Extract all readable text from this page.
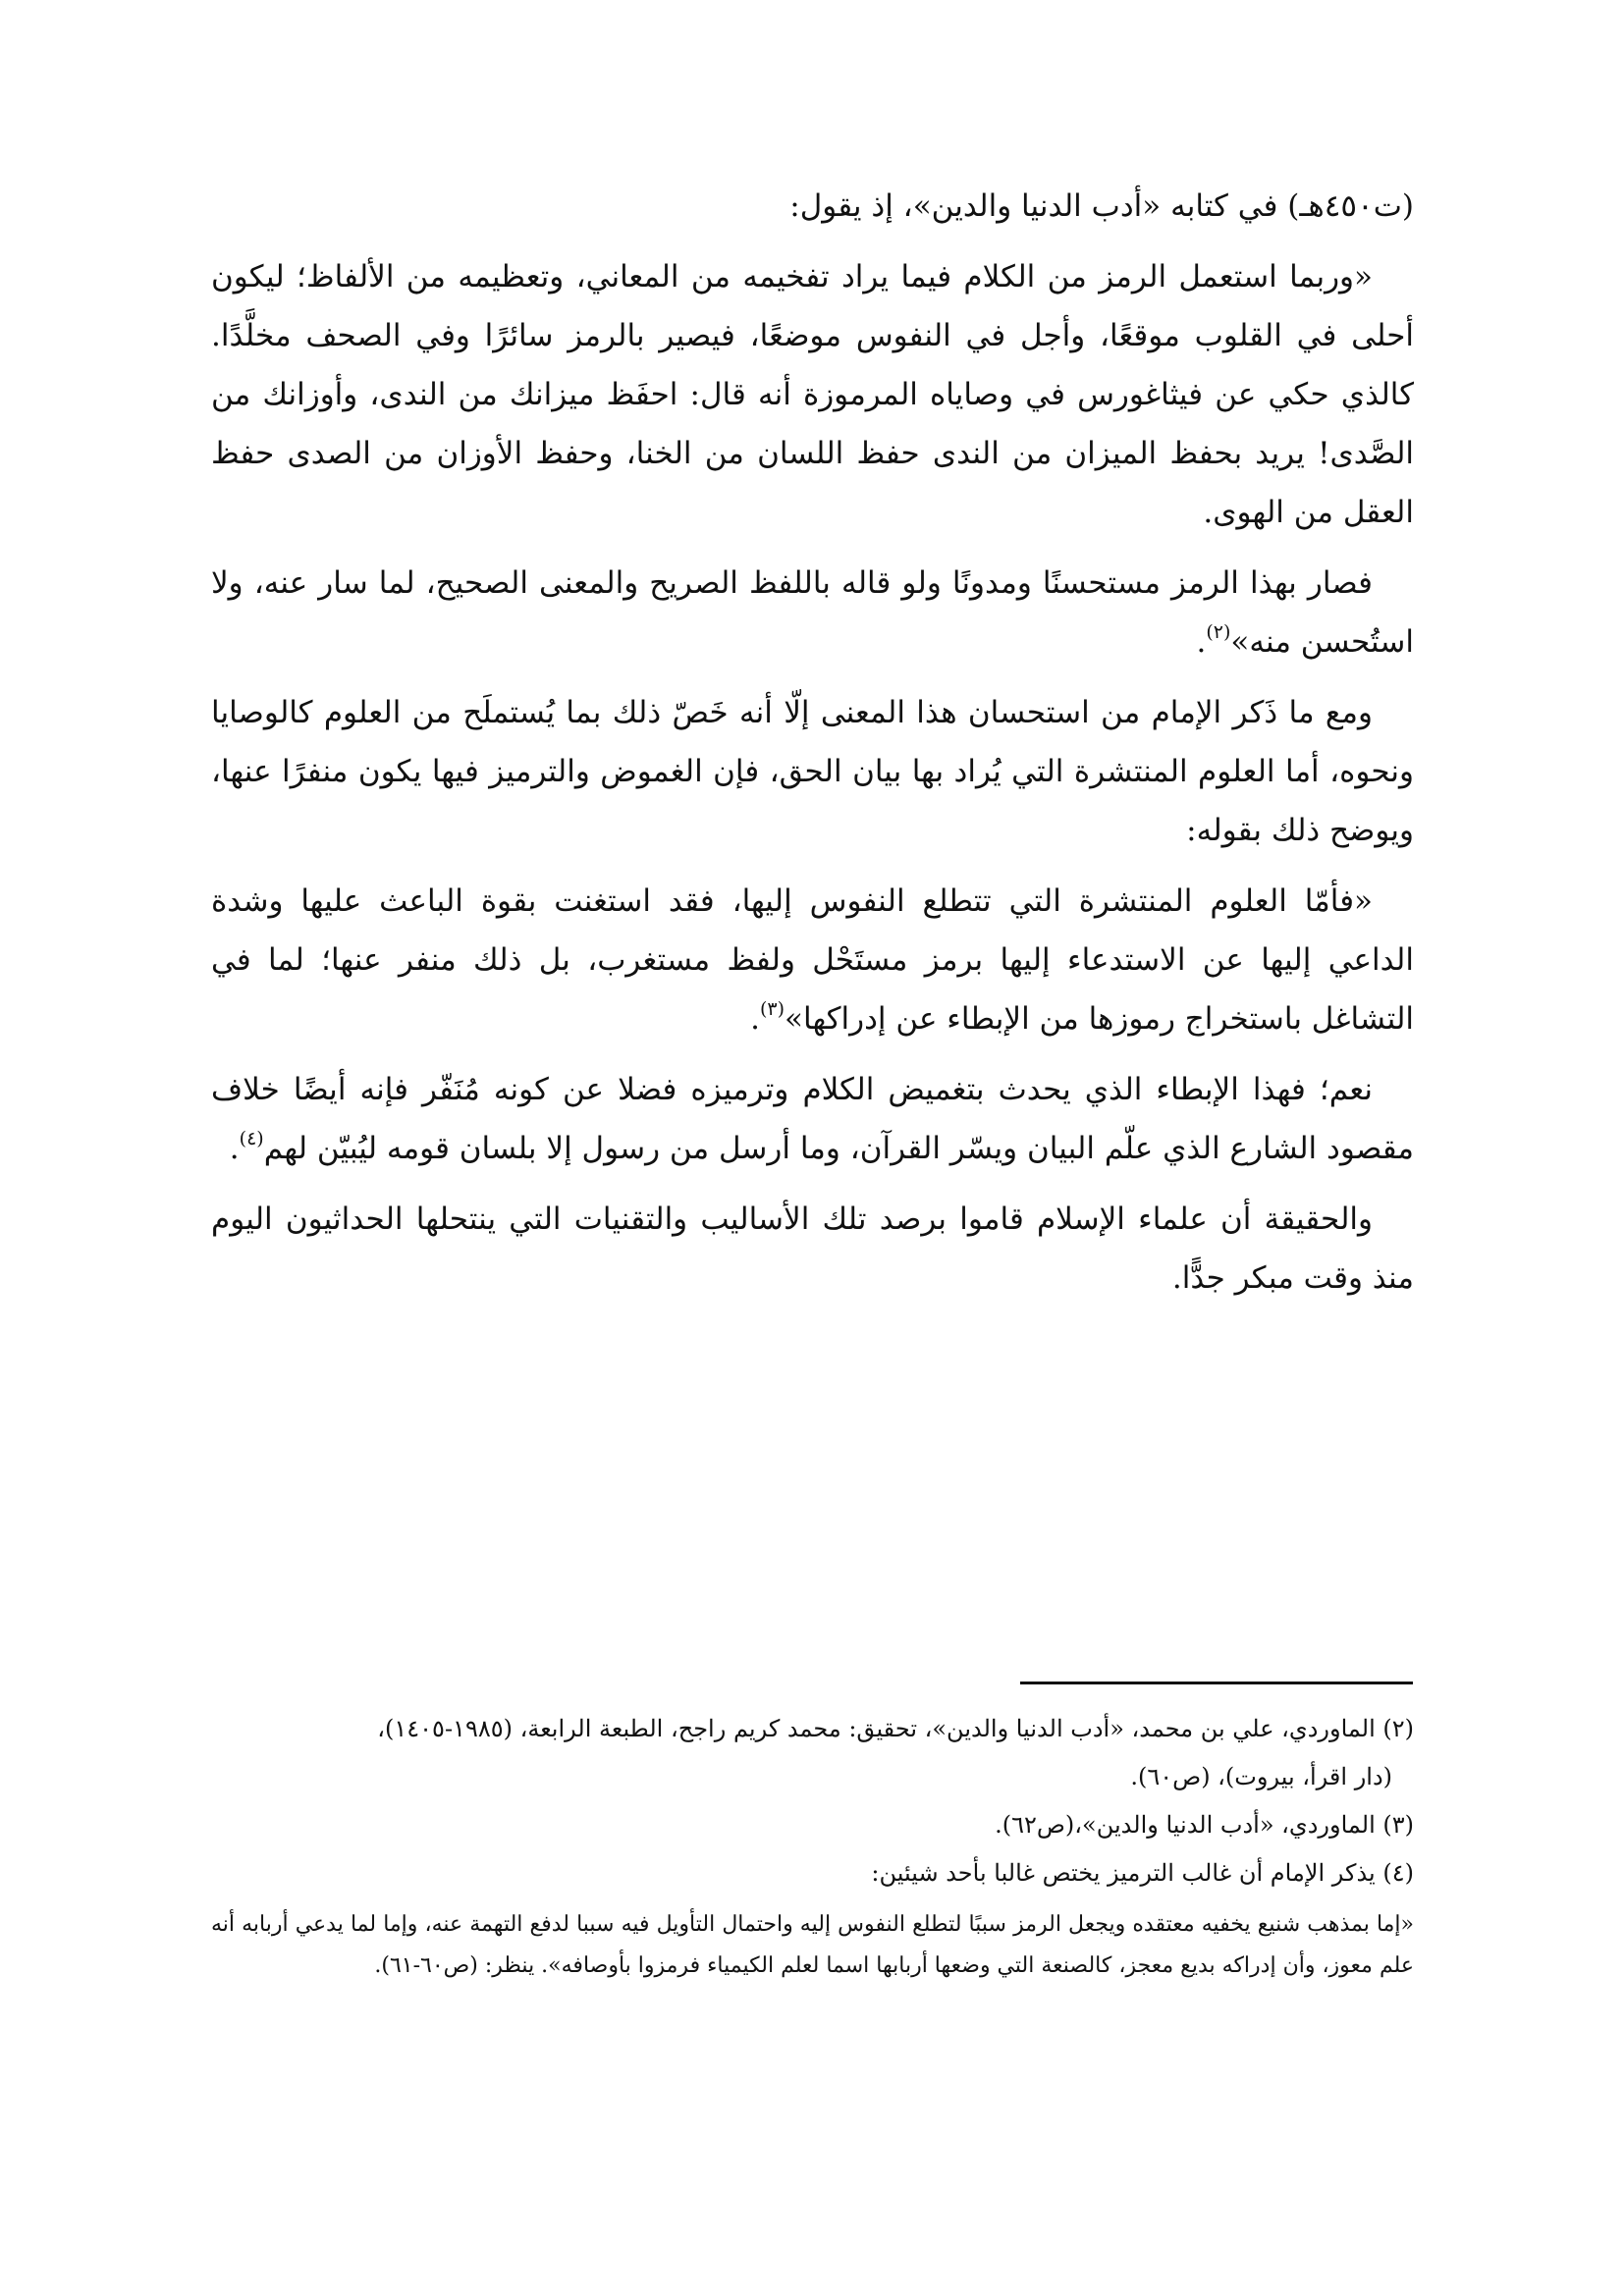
(ت٤٥٠هـ) في كتابه «أدب الدنيا والدين»، إذ يقول:

«وربما استعمل الرمز من الكلام فيما يراد تفخيمه من المعاني، وتعظيمه من الألفاظ؛ ليكون أحلى في القلوب موقعًا، وأجل في النفوس موضعًا، فيصير بالرمز سائرًا وفي الصحف مخلَّدًا. كالذي حكي عن فيثاغورس في وصاياه المرموزة أنه قال: احفَظ ميزانك من الندى، وأوزانك من الصَّدى! يريد بحفظ الميزان من الندى حفظ اللسان من الخنا، وحفظ الأوزان من الصدى حفظ العقل من الهوى.

فصار بهذا الرمز مستحسنًا ومدونًا ولو قاله باللفظ الصريح والمعنى الصحيح، لما سار عنه، ولا استُحسن منه»$^{(٢)}$.

ومع ما ذَكر الإمام من استحسان هذا المعنى إلّا أنه خَصّ ذلك بما يُستملَح من العلوم كالوصايا ونحوه، أما العلوم المنتشرة التي يُراد بها بيان الحق، فإن الغموض والترميز فيها يكون منفرًا عنها، ويوضح ذلك بقوله:

«فأمّا العلوم المنتشرة التي تتطلع النفوس إليها، فقد استغنت بقوة الباعث عليها وشدة الداعي إليها عن الاستدعاء إليها برمز مستَحْل ولفظ مستغرب، بل ذلك منفر عنها؛ لما في التشاغل باستخراج رموزها من الإبطاء عن إدراكها»$^{(٣)}$.

نعم؛ فهذا الإبطاء الذي يحدث بتغميض الكلام وترميزه فضلا عن كونه مُنَفّر فإنه أيضًا خلاف مقصود الشارع الذي علّم البيان ويسّر القرآن، وما أرسل من رسول إلا بلسان قومه ليُبيّن لهم$^{(٤)}$.

والحقيقة أن علماء الإسلام قاموا برصد تلك الأساليب والتقنيات التي ينتحلها الحداثيون اليوم منذ وقت مبكر جدًّا.

(٢) الماوردي، علي بن محمد، «أدب الدنيا والدين»، تحقيق: محمد كريم راجح، الطبعة الرابعة، (١٩٨٥-١٤٠٥)،

(دار اقرأ، بيروت)، (ص٦٠).

(٣) الماوردي، «أدب الدنيا والدين»،(ص٦٢).

(٤) يذكر الإمام أن غالب الترميز يختص غالبا بأحد شيئين:

«إما بمذهب شنيع يخفيه معتقده ويجعل الرمز سببًا لتطلع النفوس إليه واحتمال التأويل فيه سببا لدفع التهمة عنه، وإما لما يدعي أربابه أنه علم معوز، وأن إدراكه بديع معجز، كالصنعة التي وضعها أربابها اسما لعلم الكيمياء فرمزوا بأوصافه». ينظر: (ص٦٠-٦١).
